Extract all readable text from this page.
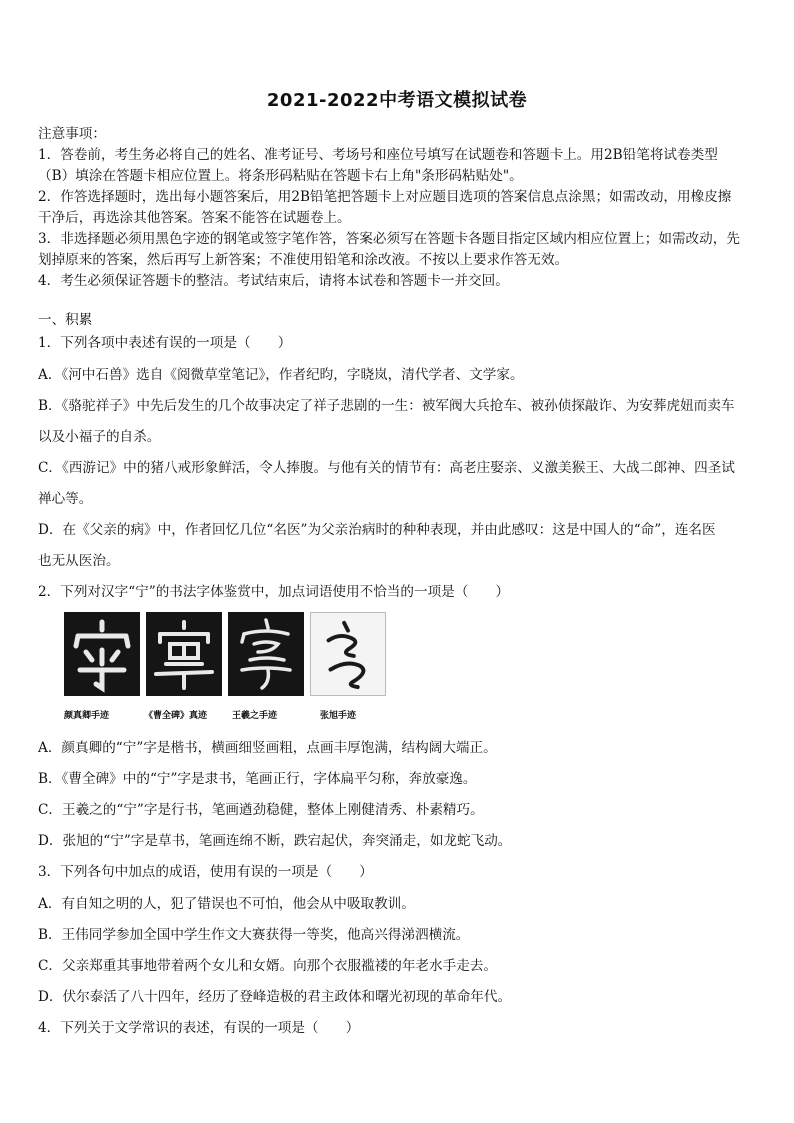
2021-2022中考语文模拟试卷
注意事项：
1．答卷前，考生务必将自己的姓名、准考证号、考场号和座位号填写在试题卷和答题卡上。用2B铅笔将试卷类型
（B）填涂在答题卡相应位置上。将条形码粘贴在答题卡右上角"条形码粘贴处"。
2．作答选择题时，选出每小题答案后，用2B铅笔把答题卡上对应题目选项的答案信息点涂黑；如需改动，用橡皮擦
干净后，再选涂其他答案。答案不能答在试题卷上。
3．非选择题必须用黑色字迹的钢笔或签字笔作答，答案必须写在答题卡各题目指定区域内相应位置上；如需改动，先
划掉原来的答案，然后再写上新答案；不准使用铅笔和涂改液。不按以上要求作答无效。
4．考生必须保证答题卡的整洁。考试结束后，请将本试卷和答题卡一并交回。
一、积累
1．下列各项中表述有误的一项是（　　）
A．《河中石兽》选自《阅微草堂笔记》，作者纪昀，字晓岚，清代学者、文学家。
B．《骆驼祥子》中先后发生的几个故事决定了祥子悲剧的一生：被军阀大兵抢车、被孙侦探敲诈、为安葬虎妞而卖车
以及小福子的自杀。
C．《西游记》中的猪八戒形象鲜活，令人捧腹。与他有关的情节有：高老庄娶亲、义激美猴王、大战二郎神、四圣试
禅心等。
D．在《父亲的病》中，作者回忆几位“名医”为父亲治病时的种种表现，并由此感叹：这是中国人的“命”，连名医
也无从医治。
2．下列对汉字“宁”的书法字体鉴赏中，加点词语使用不恰当的一项是（　　）
颜真卿手迹	《曹全碑》真迹	王羲之手迹	张旭手迹
A．颜真卿的“宁”字是楷书，横画细竖画粗，点画丰厚饱满，结构阔大端正。
B．《曹全碑》中的“宁”字是隶书，笔画正行，字体扁平匀称，奔放豪逸。
C．王羲之的“宁”字是行书，笔画遒劲稳健，整体上刚健清秀、朴素精巧。
D．张旭的“宁”字是草书，笔画连绵不断，跌宕起伏，奔突涌走，如龙蛇飞动。
3．下列各句中加点的成语，使用有误的一项是（　　）
A．有自知之明的人，犯了错误也不可怕，他会从中吸取教训。
B．王伟同学参加全国中学生作文大赛获得一等奖，他高兴得涕泗横流。
C．父亲郑重其事地带着两个女儿和女婿。向那个衣服褴褛的年老水手走去。
D．伏尔泰活了八十四年，经历了登峰造极的君主政体和曙光初现的革命年代。
4．下列关于文学常识的表述，有误的一项是（　　）
